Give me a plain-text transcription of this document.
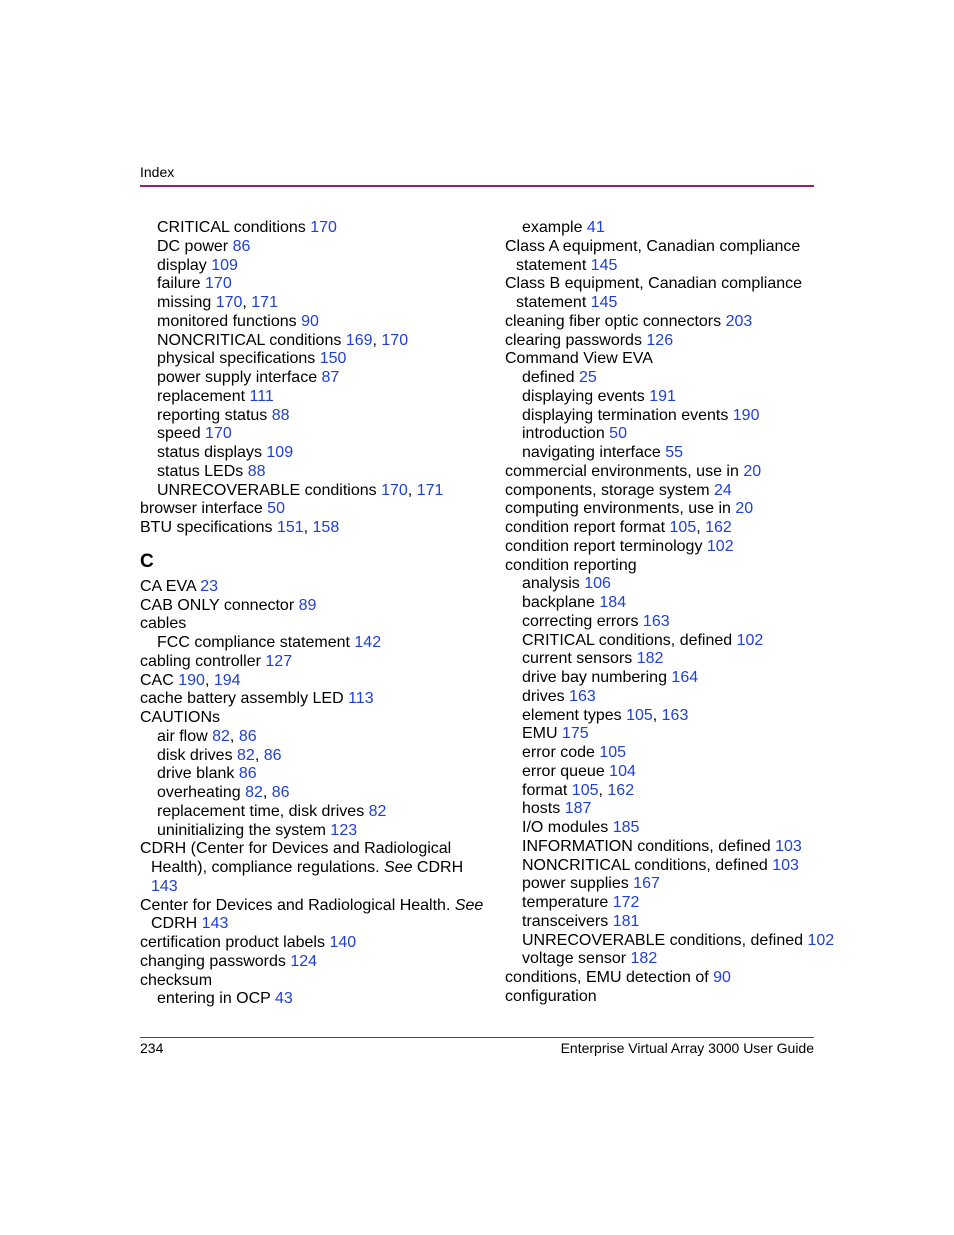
Index
CRITICAL conditions 170
DC power 86
display 109
failure 170
missing 170, 171
monitored functions 90
NONCRITICAL conditions 169, 170
physical specifications 150
power supply interface 87
replacement 111
reporting status 88
speed 170
status displays 109
status LEDs 88
UNRECOVERABLE conditions 170, 171
browser interface 50
BTU specifications 151, 158
C
CA EVA 23
CAB ONLY connector 89
cables
FCC compliance statement 142
cabling controller 127
CAC 190, 194
cache battery assembly LED 113
CAUTIONs
air flow 82, 86
disk drives 82, 86
drive blank 86
overheating 82, 86
replacement time, disk drives 82
uninitializing the system 123
CDRH (Center for Devices and Radiological
Health), compliance regulations. See CDRH
143
Center for Devices and Radiological Health. See
CDRH 143
certification product labels 140
changing passwords 124
checksum
entering in OCP 43
example 41
Class A equipment, Canadian compliance
statement 145
Class B equipment, Canadian compliance
statement 145
cleaning fiber optic connectors 203
clearing passwords 126
Command View EVA
defined 25
displaying events 191
displaying termination events 190
introduction 50
navigating interface 55
commercial environments, use in 20
components, storage system 24
computing environments, use in 20
condition report format 105, 162
condition report terminology 102
condition reporting
analysis 106
backplane 184
correcting errors 163
CRITICAL conditions, defined 102
current sensors 182
drive bay numbering 164
drives 163
element types 105, 163
EMU 175
error code 105
error queue 104
format 105, 162
hosts 187
I/O modules 185
INFORMATION conditions, defined 103
NONCRITICAL conditions, defined 103
power supplies 167
temperature 172
transceivers 181
UNRECOVERABLE conditions, defined 102
voltage sensor 182
conditions, EMU detection of 90
configuration
234	Enterprise Virtual Array 3000 User Guide
